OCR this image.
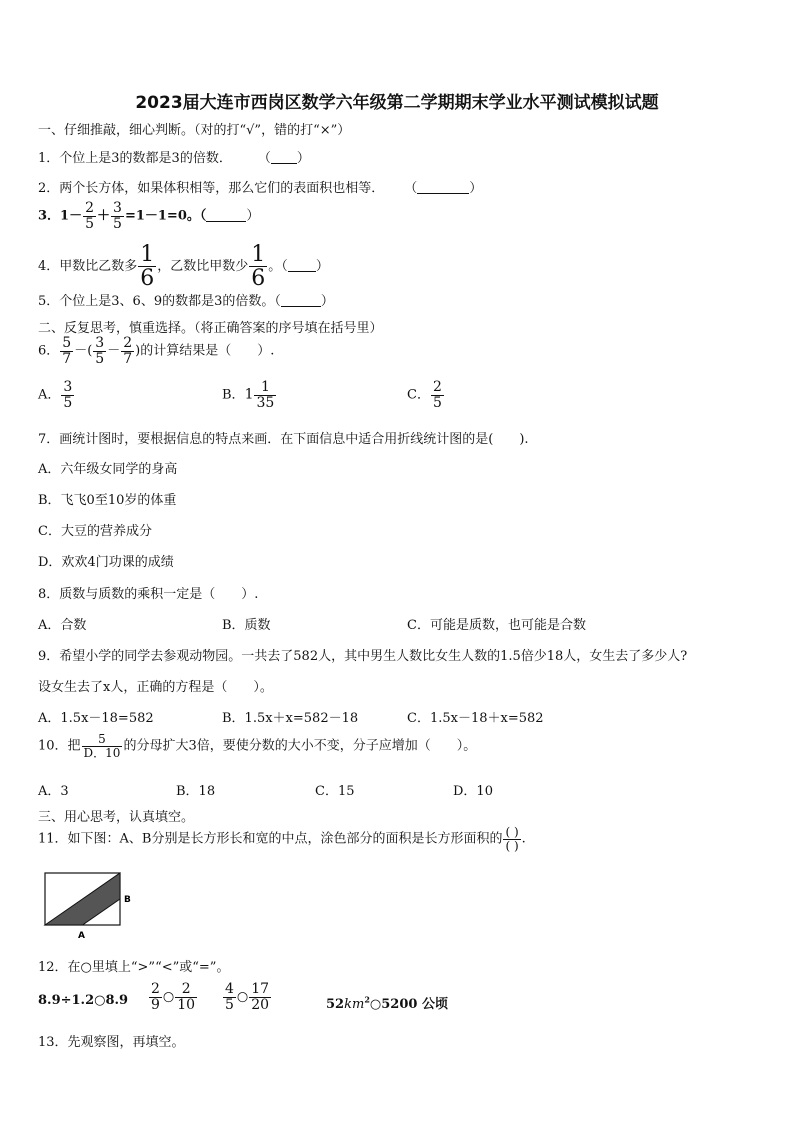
2023届大连市西岗区数学六年级第二学期期末学业水平测试模拟试题
一、仔细推敲，细心判断。（对的打“√”，错的打“×”）
1．个位上是3的数都是3的倍数． （ ）
2．两个长方体，如果体积相等，那么它们的表面积也相等． （	）
3．$1- \frac{2}{5} + \frac{3}{5} =1-1=0$。（	）
4．甲数比乙数多 $\frac{1}{6}$ ，乙数比甲数少 $\frac{1}{6}$ 。（ ）
5．个位上是3、6、9的数都是3的倍数。（	）
二、反复思考，慎重选择。（将正确答案的序号填在括号里）
6． $\frac{5}{7}$ －( $\frac{3}{5} - \frac{2}{7}$ )的计算结果是（　　）.
A． $\frac{3}{5}$	B．$1 \frac{1}{35}$	C． $\frac{2}{5}$
7．画统计图时，要根据信息的特点来画．在下面信息中适合用折线统计图的是(　　).
A．六年级女同学的身高
B．飞飞0至10岁的体重
C．大豆的营养成分
D．欢欢4门功课的成绩
8．质数与质数的乘积一定是（　　）.
A．合数	B．质数	C．可能是质数，也可能是合数
9．希望小学的同学去参观动物园。一共去了582人，其中男生人数比女生人数的1.5倍少18人，女生去了多少人?
设女生去了x人，正确的方程是（　　）。
A．1.5x－18=582	B．1.5x＋x=582－18	C．1.5x－18＋x=582
10．把 $\frac{5}{D.10}$ 的分母扩大3倍，要使分数的大小不变，分子应增加（　　）。
A．3	B．18	C．15	D．10
三、用心思考，认真填空。
11．如下图：A、B分别是长方形长和宽的中点，涂色部分的面积是长方形面积的 $\frac{( )}{( )}$ .
B
A
12．在○里填上“>”“<”或“=”。
8.9÷1.2○8.9 $\frac{2}{9}$ ○ $\frac{2}{10} \frac{4}{5}$ ○ $\frac{17}{20}$	$52km^2○5200$ 公顷
13．先观察图，再填空。
